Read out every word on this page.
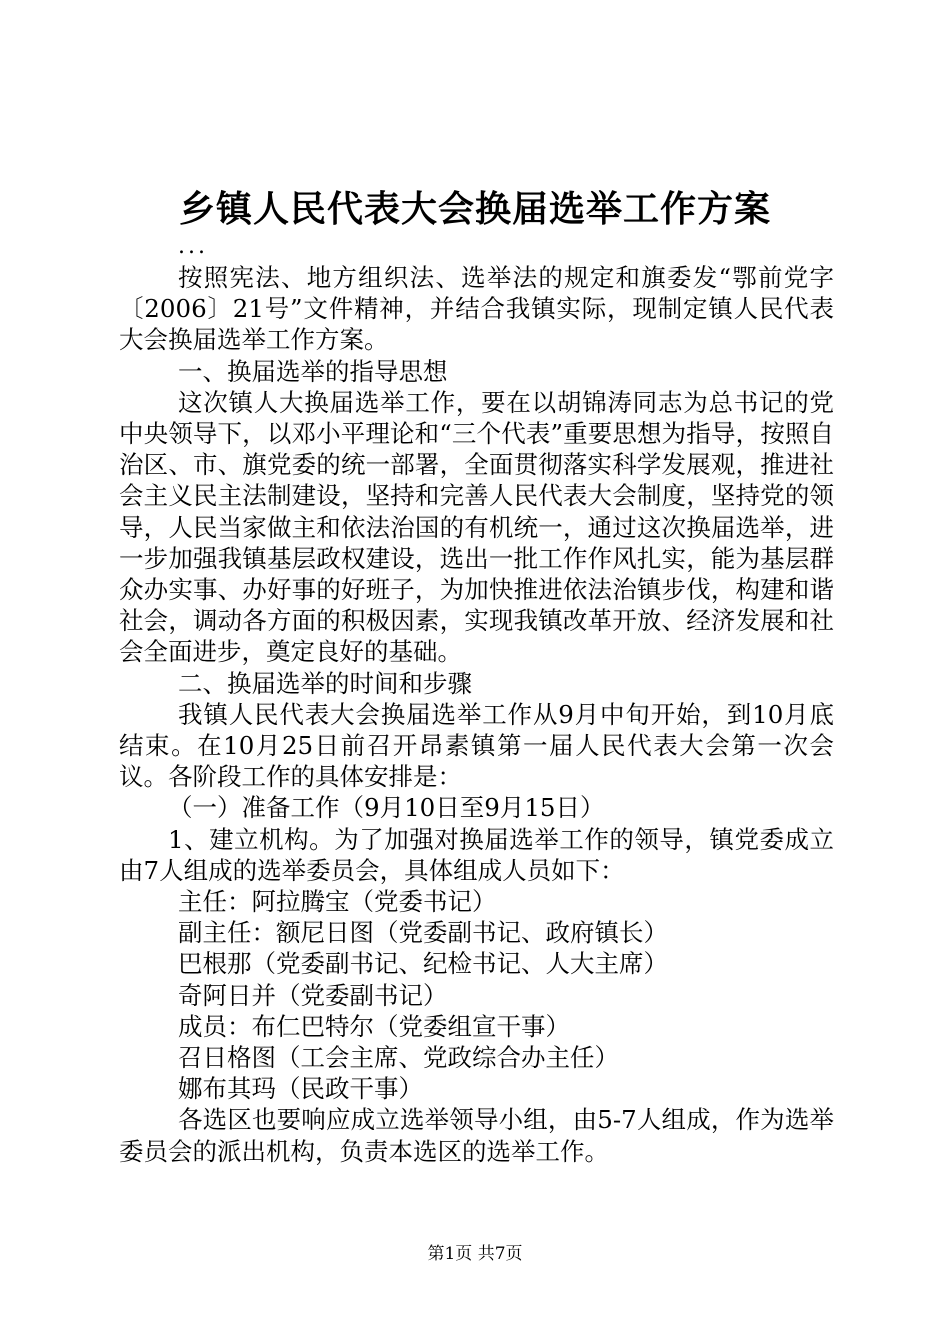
乡镇人民代表大会换届选举工作方案
...

按照宪法、地方组织法、选举法的规定和旗委发“鄂前党字〔2006〕21号”文件精神，并结合我镇实际，现制定镇人民代表大会换届选举工作方案。

一、换届选举的指导思想

这次镇人大换届选举工作，要在以胡锦涛同志为总书记的党中央领导下，以邓小平理论和“三个代表”重要思想为指导，按照自治区、市、旗党委的统一部署，全面贯彻落实科学发展观，推进社会主义民主法制建设，坚持和完善人民代表大会制度，坚持党的领导，人民当家做主和依法治国的有机统一，通过这次换届选举，进一步加强我镇基层政权建设，选出一批工作作风扎实，能为基层群众办实事、办好事的好班子，为加快推进依法治镇步伐，构建和谐社会，调动各方面的积极因素，实现我镇改革开放、经济发展和社会全面进步，奠定良好的基础。

二、换届选举的时间和步骤

我镇人民代表大会换届选举工作从9月中旬开始，到10月底结束。在10月25日前召开昂素镇第一届人民代表大会第一次会议。各阶段工作的具体安排是：

（一）准备工作（9月10日至9月15日）

1、建立机构。为了加强对换届选举工作的领导，镇党委成立由7人组成的选举委员会，具体组成人员如下：

主任：阿拉腾宝（党委书记）

副主任：额尼日图（党委副书记、政府镇长）

巴根那（党委副书记、纪检书记、人大主席）

奇阿日并（党委副书记）

成员：布仁巴特尔（党委组宣干事）

召日格图（工会主席、党政综合办主任）

娜布其玛（民政干事）

各选区也要响应成立选举领导小组，由5-7人组成，作为选举委员会的派出机构，负责本选区的选举工作。

第1页 共7页
